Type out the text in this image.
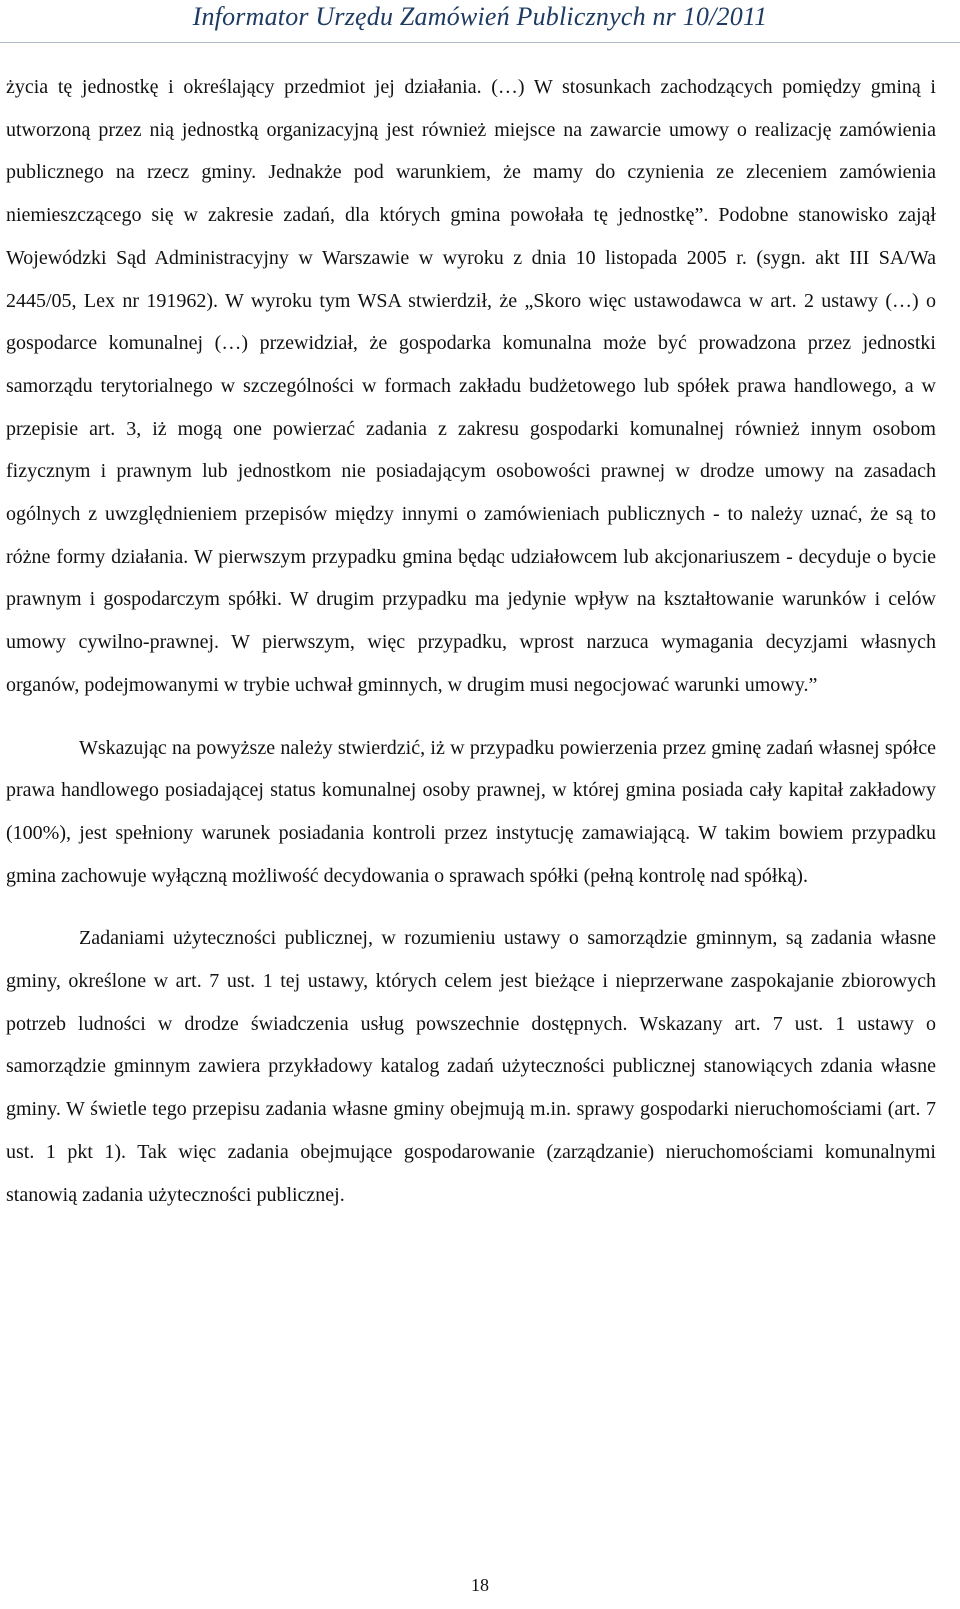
Informator Urzędu Zamówień Publicznych nr 10/2011

życia tę jednostkę i określający przedmiot jej działania. (…) W stosunkach zachodzących pomiędzy gminą i utworzoną przez nią jednostką organizacyjną jest również miejsce na zawarcie umowy o realizację zamówienia publicznego na rzecz gminy. Jednakże pod warunkiem, że mamy do czynienia ze zleceniem zamówienia niemieszczącego się w zakresie zadań, dla których gmina powołała tę jednostkę”. Podobne stanowisko zajął Wojewódzki Sąd Administracyjny w Warszawie w wyroku z dnia 10 listopada 2005 r. (sygn. akt III SA/Wa 2445/05, Lex nr 191962). W wyroku tym WSA stwierdził, że „Skoro więc ustawodawca w art. 2 ustawy (…) o gospodarce komunalnej (…) przewidział, że gospodarka komunalna może być prowadzona przez jednostki samorządu terytorialnego w szczególności w formach zakładu budżetowego lub spółek prawa handlowego, a w przepisie art. 3, iż mogą one powierzać zadania z zakresu gospodarki komunalnej również innym osobom fizycznym i prawnym lub jednostkom nie posiadającym osobowości prawnej w drodze umowy na zasadach ogólnych z uwzględnieniem przepisów między innymi o zamówieniach publicznych - to należy uznać, że są to różne formy działania. W pierwszym przypadku gmina będąc udziałowcem lub akcjonariuszem - decyduje o bycie prawnym i gospodarczym spółki. W drugim przypadku ma jedynie wpływ na kształtowanie warunków i celów umowy cywilno-prawnej. W pierwszym, więc przypadku, wprost narzuca wymagania decyzjami własnych organów, podejmowanymi w trybie uchwał gminnych, w drugim musi negocjować warunki umowy.”

Wskazując na powyższe należy stwierdzić, iż w przypadku powierzenia przez gminę zadań własnej spółce prawa handlowego posiadającej status komunalnej osoby prawnej, w której gmina posiada cały kapitał zakładowy (100%), jest spełniony warunek posiadania kontroli przez instytucję zamawiającą. W takim bowiem przypadku gmina zachowuje wyłączną możliwość decydowania o sprawach spółki (pełną kontrolę nad spółką).

Zadaniami użyteczności publicznej, w rozumieniu ustawy o samorządzie gminnym, są zadania własne gminy, określone w art. 7 ust. 1 tej ustawy, których celem jest bieżące i nieprzerwane zaspokajanie zbiorowych potrzeb ludności w drodze świadczenia usług powszechnie dostępnych. Wskazany art. 7 ust. 1 ustawy o samorządzie gminnym zawiera przykładowy katalog zadań użyteczności publicznej stanowiących zdania własne gminy. W świetle tego przepisu zadania własne gminy obejmują m.in. sprawy gospodarki nieruchomościami (art. 7 ust. 1 pkt 1). Tak więc zadania obejmujące gospodarowanie (zarządzanie) nieruchomościami komunalnymi stanowią zadania użyteczności publicznej.

18
